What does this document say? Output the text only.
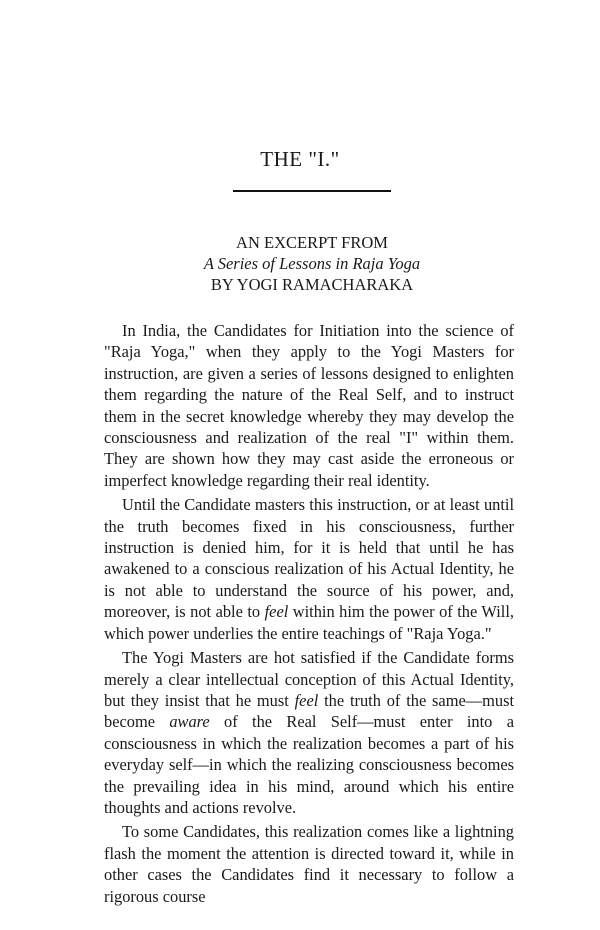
THE "I."
AN EXCERPT FROM
A Series of Lessons in Raja Yoga
BY YOGI RAMACHARAKA

In India, the Candidates for Initiation into the science of "Raja Yoga," when they apply to the Yogi Masters for instruction, are given a series of lessons designed to enlighten them regarding the nature of the Real Self, and to instruct them in the secret knowledge whereby they may develop the consciousness and realization of the real "I" within them. They are shown how they may cast aside the erroneous or imperfect knowledge regarding their real identity.

Until the Candidate masters this instruction, or at least until the truth becomes fixed in his consciousness, further instruction is denied him, for it is held that until he has awakened to a conscious realization of his Actual Identity, he is not able to understand the source of his power, and, moreover, is not able to feel within him the power of the Will, which power underlies the entire teachings of "Raja Yoga."

The Yogi Masters are hot satisfied if the Candidate forms merely a clear intellectual conception of this Actual Identity, but they insist that he must feel the truth of the same—must become aware of the Real Self—must enter into a consciousness in which the realization becomes a part of his everyday self—in which the realizing consciousness becomes the prevailing idea in his mind, around which his entire thoughts and actions revolve.

To some Candidates, this realization comes like a lightning flash the moment the attention is directed toward it, while in other cases the Candidates find it necessary to follow a rigorous course
